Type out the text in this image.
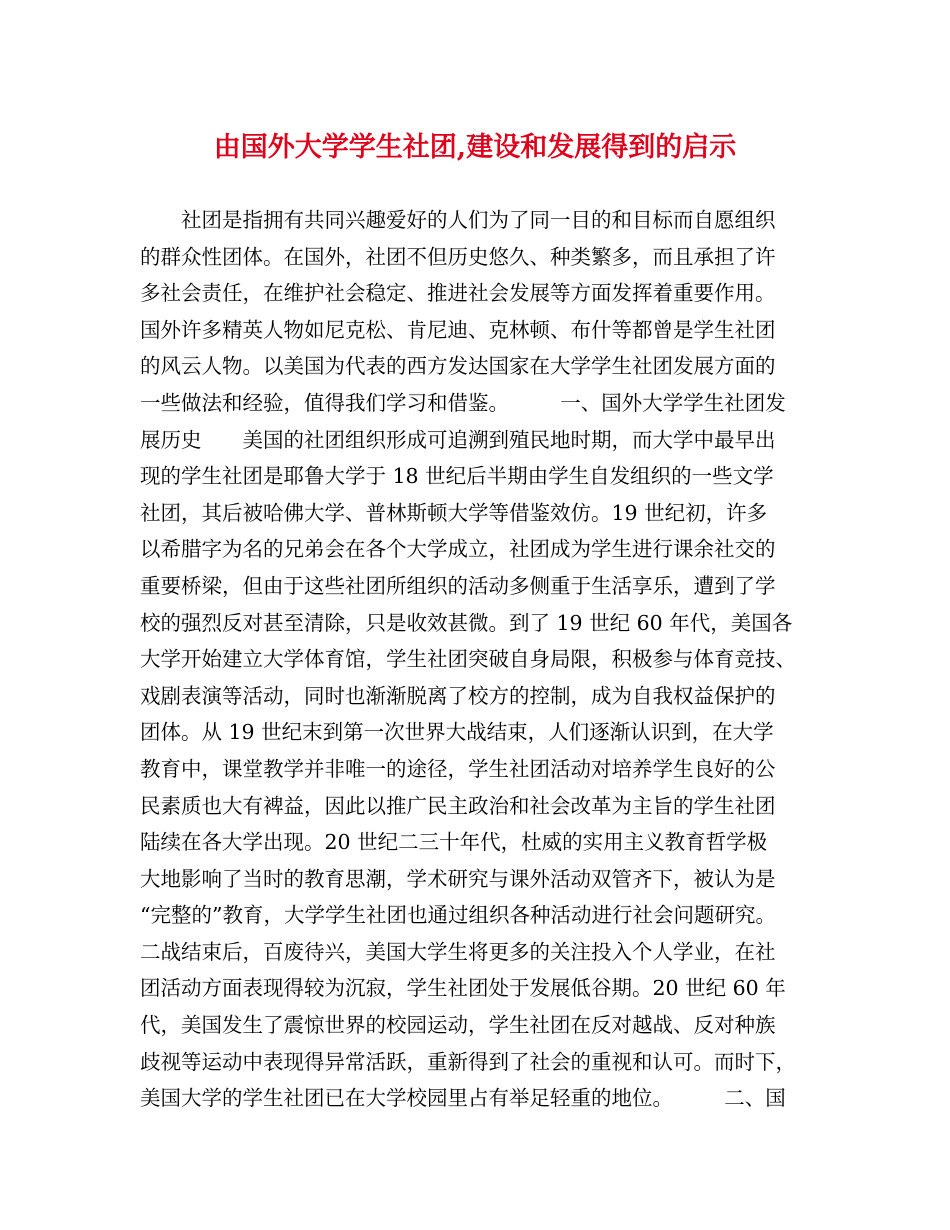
由国外大学学生社团,建设和发展得到的启示
　　社团是指拥有共同兴趣爱好的人们为了同一目的和目标而自愿组织
的群众性团体。在国外，社团不但历史悠久、种类繁多，而且承担了许
多社会责任，在维护社会稳定、推进社会发展等方面发挥着重要作用。
国外许多精英人物如尼克松、肯尼迪、克林顿、布什等都曾是学生社团
的风云人物。以美国为代表的西方发达国家在大学学生社团发展方面的
一些做法和经验，值得我们学习和借鉴。　　　一、国外大学学生社团发
展历史　　美国的社团组织形成可追溯到殖民地时期，而大学中最早出
现的学生社团是耶鲁大学于 18 世纪后半期由学生自发组织的一些文学
社团，其后被哈佛大学、普林斯顿大学等借鉴效仿。19 世纪初，许多
以希腊字为名的兄弟会在各个大学成立，社团成为学生进行课余社交的
重要桥梁，但由于这些社团所组织的活动多侧重于生活享乐，遭到了学
校的强烈反对甚至清除，只是收效甚微。到了 19 世纪 60 年代，美国各
大学开始建立大学体育馆，学生社团突破自身局限，积极参与体育竞技、
戏剧表演等活动，同时也渐渐脱离了校方的控制，成为自我权益保护的
团体。从 19 世纪末到第一次世界大战结束，人们逐渐认识到，在大学
教育中，课堂教学并非唯一的途径，学生社团活动对培养学生良好的公
民素质也大有裨益，因此以推广民主政治和社会改革为主旨的学生社团
陆续在各大学出现。20 世纪二三十年代，杜威的实用主义教育哲学极
大地影响了当时的教育思潮，学术研究与课外活动双管齐下，被认为是
“完整的”教育，大学学生社团也通过组织各种活动进行社会问题研究。
二战结束后，百废待兴，美国大学生将更多的关注投入个人学业，在社
团活动方面表现得较为沉寂，学生社团处于发展低谷期。20 世纪 60 年
代，美国发生了震惊世界的校园运动，学生社团在反对越战、反对种族
歧视等运动中表现得异常活跃，重新得到了社会的重视和认可。而时下，
美国大学的学生社团已在大学校园里占有举足轻重的地位。　　　二、国
